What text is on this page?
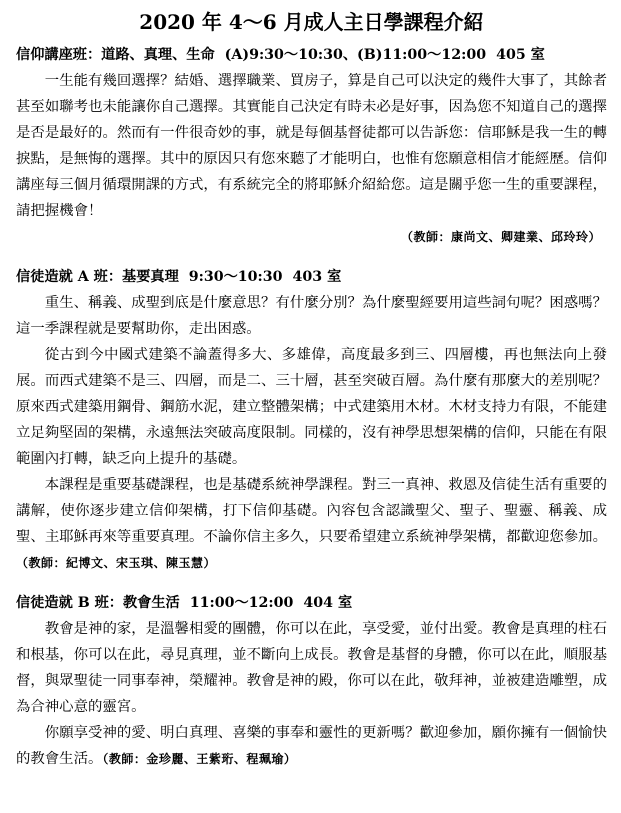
2020 年 4～6 月成人主日學課程介紹
信仰講座班：道路、真理、生命 (A)9:30～10:30、(B)11:00～12:00 405 室

一生能有幾回選擇？結婚、選擇職業、買房子，算是自己可以決定的幾件大事了，其餘者甚至如聯考也未能讓你自己選擇。其實能自己決定有時未必是好事，因為您不知道自己的選擇是否是最好的。然而有一件很奇妙的事，就是每個基督徒都可以告訴您：信耶穌是我一生的轉捩點，是無悔的選擇。其中的原因只有您來聽了才能明白，也惟有您願意相信才能經歷。信仰講座每三個月循環開課的方式，有系統完全的將耶穌介紹給您。這是關乎您一生的重要課程，請把握機會！

（教師：康尚文、卿建業、邱玲玲）
信徒造就 A 班：基要真理 9:30～10:30 403 室

重生、稱義、成聖到底是什麼意思？有什麼分別？為什麼聖經要用這些詞句呢？困惑嗎？這一季課程就是要幫助你，走出困惑。

從古到今中國式建築不論蓋得多大、多雄偉，高度最多到三、四層樓，再也無法向上發展。而西式建築不是三、四層，而是二、三十層，甚至突破百層。為什麼有那麼大的差別呢？原來西式建築用鋼骨、鋼筋水泥，建立整體架構；中式建築用木材。木材支持力有限，不能建立足夠堅固的架構，永遠無法突破高度限制。同樣的，沒有神學思想架構的信仰，只能在有限範圍內打轉，缺乏向上提升的基礎。

本課程是重要基礎課程，也是基礎系統神學課程。對三一真神、救恩及信徒生活有重要的講解，使你逐步建立信仰架構，打下信仰基礎。內容包含認識聖父、聖子、聖靈、稱義、成聖、主耶穌再來等重要真理。不論你信主多久，只要希望建立系統神學架構，都歡迎您參加。（教師：紀博文、宋玉琪、陳玉慧）

信徒造就 B 班：教會生活 11:00～12:00 404 室

教會是神的家，是溫馨相愛的團體，你可以在此，享受愛，並付出愛。教會是真理的柱石和根基，你可以在此，尋見真理，並不斷向上成長。教會是基督的身體，你可以在此，順服基督，與眾聖徒一同事奉神，榮耀神。教會是神的殿，你可以在此，敬拜神，並被建造雕塑，成為合神心意的靈宮。

你願享受神的愛、明白真理、喜樂的事奉和靈性的更新嗎？歡迎參加，願你擁有一個愉快的教會生活。（教師：金珍麗、王紫珩、程珮瑜）
